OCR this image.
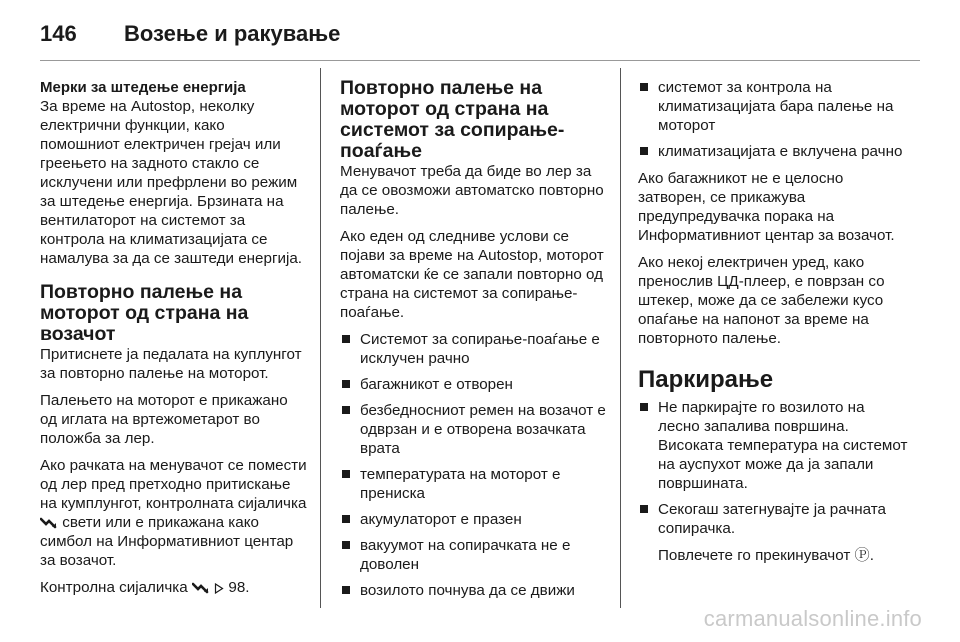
146	Возење и ракување
Мерки за штедење енергија

За време на Autostop, неколку електрични функции, како помошниот електричен грејач или греењето на задното стакло се исклучени или префрлени во режим за штедење енергија. Брзината на вентилаторот на системот за контрола на климатизацијата се намалува за да се заштеди енергија.

Повторно палење на моторот од страна на возачот

Притиснете ја педалата на куплунгот за повторно палење на моторот.

Палењето на моторот е прикажано од иглата на вртежометарот во положба за лер.

Ако рачката на менувачот се помести од лер пред претходно притискање на кумплунгот, контролната сијаличка  свети или е прикажана како симбол на Информативниот центар за возачот.

Контролна сијаличка	98.

Повторно палење на моторот од страна на системот за сопирање-поаѓање

Менувачот треба да биде во лер за да се овозможи автоматско повторно палење.

Ако еден од следниве услови се појави за време на Autostop, моторот автоматски ќе се запали повторно од страна на системот за сопирање-поаѓање.

Системот за сопирање-поаѓање е исклучен рачно
багажникот е отворен
безбедносниот ремен на возачот е одврзан и е отворена возачката врата
температурата на моторот е прениска
акумулаторот е празен
вакуумот на сопирачката не е доволен
возилото почнува да се движи
системот за контрола на климатизацијата бара палење на моторот
климатизацијата е вклучена рачно

Ако багажникот не е целосно затворен, се прикажува предупредувачка порака на Информативниот центар за возачот.

Ако некој електричен уред, како пренослив ЦД-плеер, е поврзан со штекер, може да се забележи кусо опаѓање на напонот за време на повторното палење.

Паркирање
Не паркирајте го возилото на лесно запалива површина. Високата температура на системот на ауспухот може да ја запали површината.
Секогаш затегнувајте ја рачната сопирачка.

Повлечете го прекинувачот Ⓟ.

carmanualsonline.info
